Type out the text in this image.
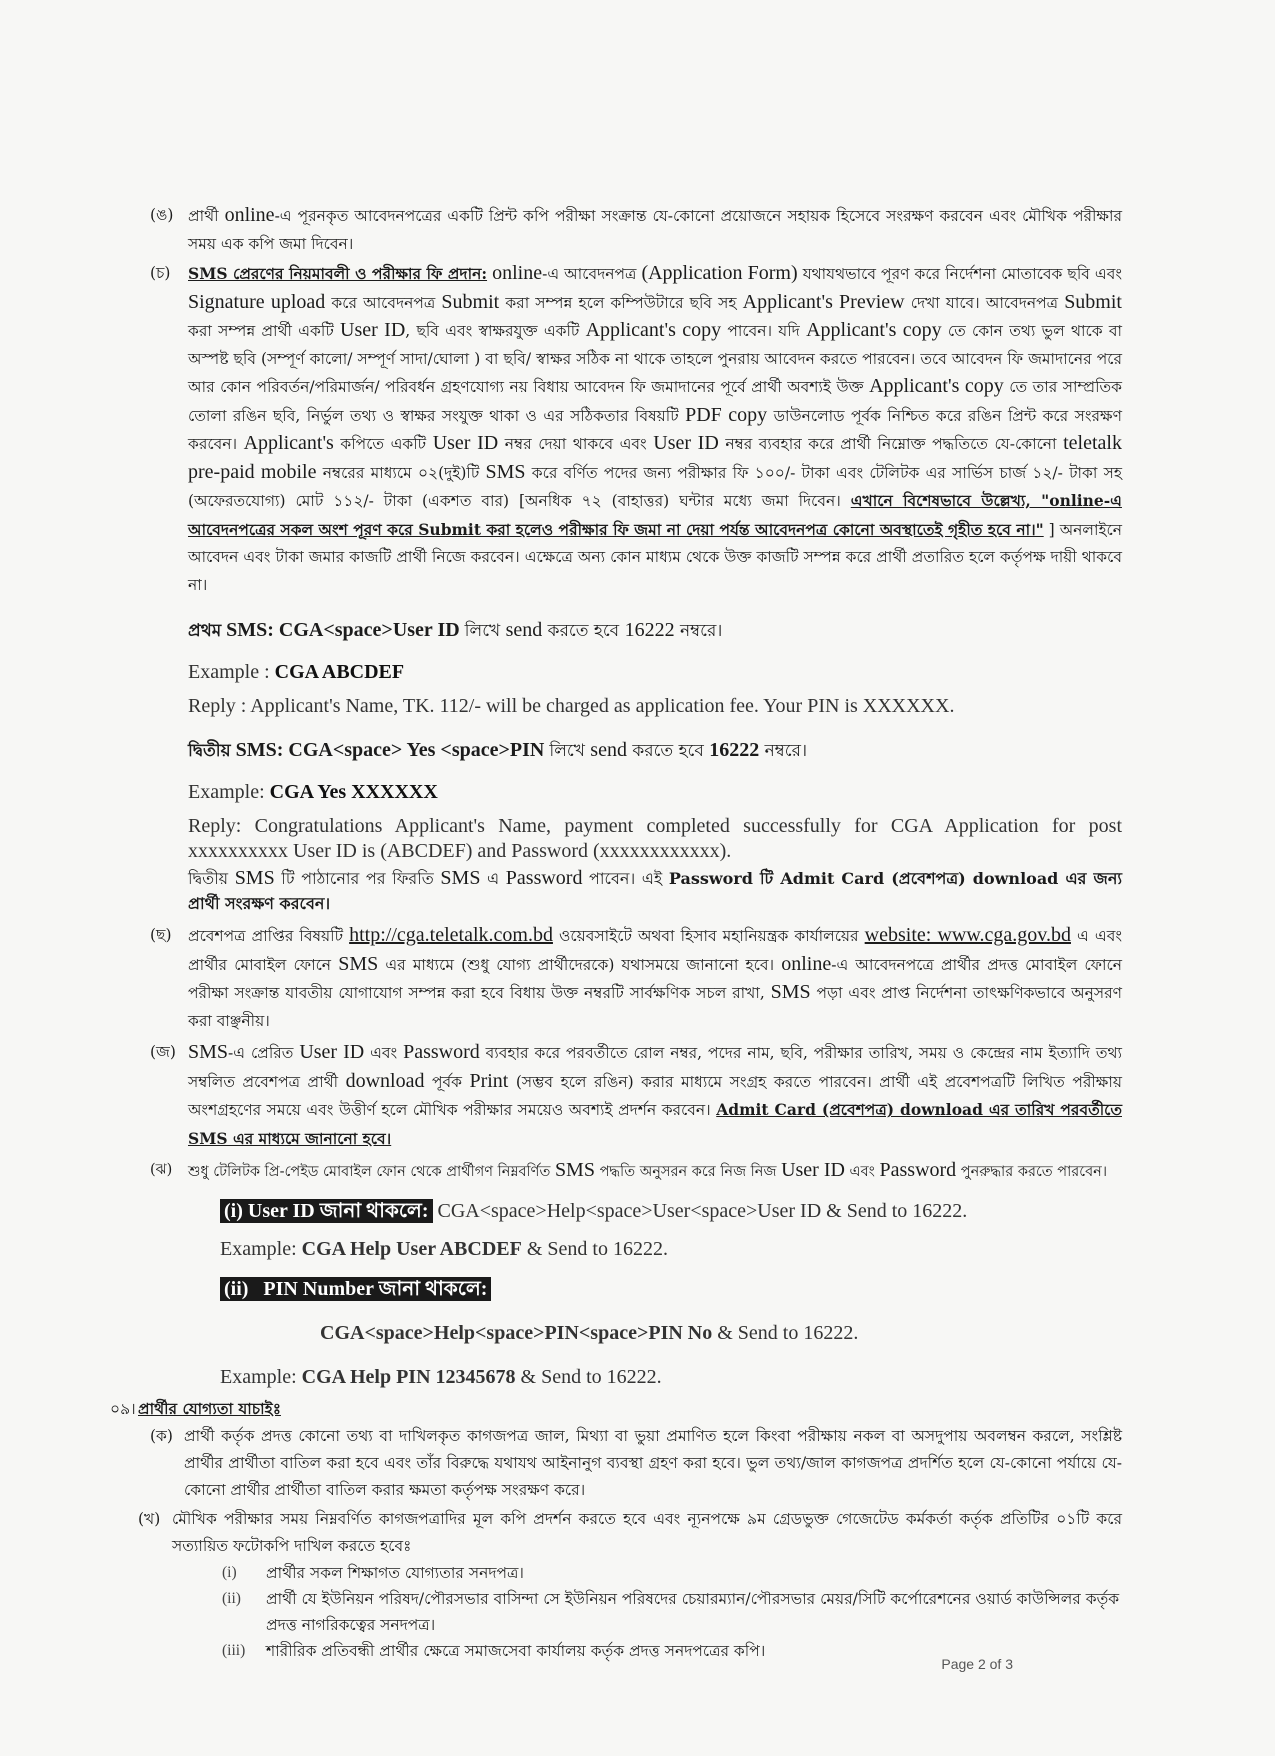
(ঙ) প্রার্থী online-এ পূরনকৃত আবেদনপত্রের একটি প্রিন্ট কপি পরীক্ষা সংক্রান্ত যে-কোনো প্রয়োজনে সহায়ক হিসেবে সংরক্ষণ করবেন এবং মৌখিক পরীক্ষার সময় এক কপি জমা দিবেন।
(চ)	SMS প্রেরণের নিয়মাবলী ও পরীক্ষার ফি প্রদান: online-এ আবেদনপত্র (Application Form) যথাযথভাবে পূরণ করে নির্দেশনা মোতাবেক ছবি এবং Signature upload করে আবেদনপত্র Submit করা সম্পন্ন হলে কম্পিউটারে ছবি সহ Applicant's Preview দেখা যাবে। আবেদনপত্র Submit করা সম্পন্ন প্রার্থী একটি User ID, ছবি এবং স্বাক্ষরযুক্ত একটি Applicant's copy পাবেন। যদি Applicant's copy তে কোন তথ্য ভুল থাকে বা অস্পষ্ট ছবি (সম্পূর্ণ কালো/ সম্পূর্ণ সাদা/ঘোলা ) বা ছবি/ স্বাক্ষর সঠিক না থাকে তাহলে পুনরায় আবেদন করতে পারবেন। তবে আবেদন ফি জমাদানের পরে আর কোন পরিবর্তন/পরিমার্জন/ পরিবর্ধন গ্রহণযোগ্য নয় বিধায় আবেদন ফি জমাদানের পূর্বে প্রার্থী অবশ্যই উক্ত Applicant's copy তে তার সাম্প্রতিক তোলা রঙিন ছবি, নির্ভুল তথ্য ও স্বাক্ষর সংযুক্ত থাকা ও এর সঠিকতার বিষয়টি PDF copy ডাউনলোড পূর্বক নিশ্চিত করে রঙিন প্রিন্ট করে সংরক্ষণ করবেন। Applicant's কপিতে একটি User ID নম্বর দেয়া থাকবে এবং User ID নম্বর ব্যবহার করে প্রার্থী নিম্নোক্ত পদ্ধতিতে যে-কোনো teletalk pre-paid mobile নম্বরের মাধ্যমে ০২(দুই)টি SMS করে বর্ণিত পদের জন্য পরীক্ষার ফি ১০০/- টাকা এবং টেলিটক এর সার্ভিস চার্জ ১২/- টাকা সহ (অফেরতযোগ্য) মোট ১১২/- টাকা (একশত বার) [অনধিক ৭২ (বাহাত্তর) ঘন্টার মধ্যে জমা দিবেন। এখানে বিশেষভাবে উল্লেখ্য, "online-এ আবেদনপত্রের সকল অংশ পূরণ করে Submit করা হলেও পরীক্ষার ফি জমা না দেয়া পর্যন্ত আবেদনপত্র কোনো অবস্থাতেই গৃহীত হবে না।" ] অনলাইনে আবেদন এবং টাকা জমার কাজটি প্রার্থী নিজে করবেন। এক্ষেত্রে অন্য কোন মাধ্যম থেকে উক্ত কাজটি সম্পন্ন করে প্রার্থী প্রতারিত হলে কর্তৃপক্ষ দায়ী থাকবে না।
প্রথম SMS: CGA<space>User ID লিখে send করতে হবে 16222 নম্বরে।
Example : CGA ABCDEF
Reply : Applicant's Name, TK. 112/- will be charged as application fee. Your PIN is XXXXXX.
দ্বিতীয় SMS: CGA<space> Yes <space>PIN লিখে send করতে হবে 16222 নম্বরে।
Example: CGA Yes XXXXXX
Reply: Congratulations Applicant's Name, payment completed successfully for CGA Application for post xxxxxxxxxx User ID is (ABCDEF) and Password (xxxxxxxxxxxx).
দ্বিতীয় SMS টি পাঠানোর পর ফিরতি SMS এ Password পাবেন। এই Password টি Admit Card (প্রবেশপত্র) download এর জন্য প্রার্থী সংরক্ষণ করবেন।
(ছ)	প্রবেশপত্র প্রাপ্তির বিষয়টি http://cga.teletalk.com.bd ওয়েবসাইটে অথবা হিসাব মহানিয়ন্ত্রক কার্যালয়ের website: www.cga.gov.bd এ এবং প্রার্থীর মোবাইল ফোনে SMS এর মাধ্যমে (শুধু যোগ্য প্রার্থীদেরকে) যথাসময়ে জানানো হবে। online-এ আবেদনপত্রে প্রার্থীর প্রদত্ত মোবাইল ফোনে পরীক্ষা সংক্রান্ত যাবতীয় যোগাযোগ সম্পন্ন করা হবে বিধায় উক্ত নম্বরটি সার্বক্ষণিক সচল রাখা, SMS পড়া এবং প্রাপ্ত নির্দেশনা তাৎক্ষণিকভাবে অনুসরণ করা বাঞ্ছনীয়।
(জ) SMS-এ প্রেরিত User ID এবং Password ব্যবহার করে পরবর্তীতে রোল নম্বর, পদের নাম, ছবি, পরীক্ষার তারিখ, সময় ও কেন্দ্রের নাম ইত্যাদি তথ্য সম্বলিত প্রবেশপত্র প্রার্থী download পূর্বক Print (সম্ভব হলে রঙিন) করার মাধ্যমে সংগ্রহ করতে পারবেন। প্রার্থী এই প্রবেশপত্রটি লিখিত পরীক্ষায় অংশগ্রহণের সময়ে এবং উত্তীর্ণ হলে মৌখিক পরীক্ষার সময়েও অবশ্যই প্রদর্শন করবেন। Admit Card (প্রবেশপত্র) download এর তারিখ পরবর্তীতে SMS এর মাধ্যমে জানানো হবে।
(ঝ)	শুধু টেলিটক প্রি-পেইড মোবাইল ফোন থেকে প্রার্থীগণ নিম্নবর্ণিত SMS পদ্ধতি অনুসরন করে নিজ নিজ User ID এবং Password পুনরুদ্ধার করতে পারবেন।
(i) User ID জানা থাকলে: CGA<space>Help<space>User<space>User ID & Send to 16222.
Example: CGA Help User ABCDEF & Send to 16222.
(ii)   PIN Number জানা থাকলে:
CGA<space>Help<space>PIN<space>PIN No & Send to 16222.
Example: CGA Help PIN 12345678 & Send to 16222.
০৯। প্রার্থীর যোগ্যতা যাচাইঃ
(ক) প্রার্থী কর্তৃক প্রদত্ত কোনো তথ্য বা দাখিলকৃত কাগজপত্র জাল, মিথ্যা বা ভুয়া প্রমাণিত হলে কিংবা পরীক্ষায় নকল বা অসদুপায় অবলম্বন করলে, সংশ্লিষ্ট প্রার্থীর প্রার্থীতা বাতিল করা হবে এবং তাঁর বিরুদ্ধে যথাযথ আইনানুগ ব্যবস্থা গ্রহণ করা হবে। ভুল তথ্য/জাল কাগজপত্র প্রদর্শিত হলে যে-কোনো পর্যায়ে যে-কোনো প্রার্থীর প্রার্থীতা বাতিল করার ক্ষমতা কর্তৃপক্ষ সংরক্ষণ করে।
(খ) মৌখিক পরীক্ষার সময় নিম্নবর্ণিত কাগজপত্রাদির মূল কপি প্রদর্শন করতে হবে এবং ন্যূনপক্ষে ৯ম গ্রেডভুক্ত গেজেটেড কর্মকর্তা কর্তৃক প্রতিটির ০১টি করে সত্যায়িত ফটোকপি দাখিল করতে হবেঃ
(i)	প্রার্থীর সকল শিক্ষাগত যোগ্যতার সনদপত্র।
(ii)	প্রার্থী যে ইউনিয়ন পরিষদ/পৌরসভার বাসিন্দা সে ইউনিয়ন পরিষদের চেয়ারম্যান/পৌরসভার মেয়র/সিটি কর্পোরেশনের ওয়ার্ড কাউন্সিলর কর্তৃক প্রদত্ত নাগরিকত্বের সনদপত্র।
(iii)	শারীরিক প্রতিবন্ধী প্রার্থীর ক্ষেত্রে সমাজসেবা কার্যালয় কর্তৃক প্রদত্ত সনদপত্রের কপি।
Page 2 of 3
